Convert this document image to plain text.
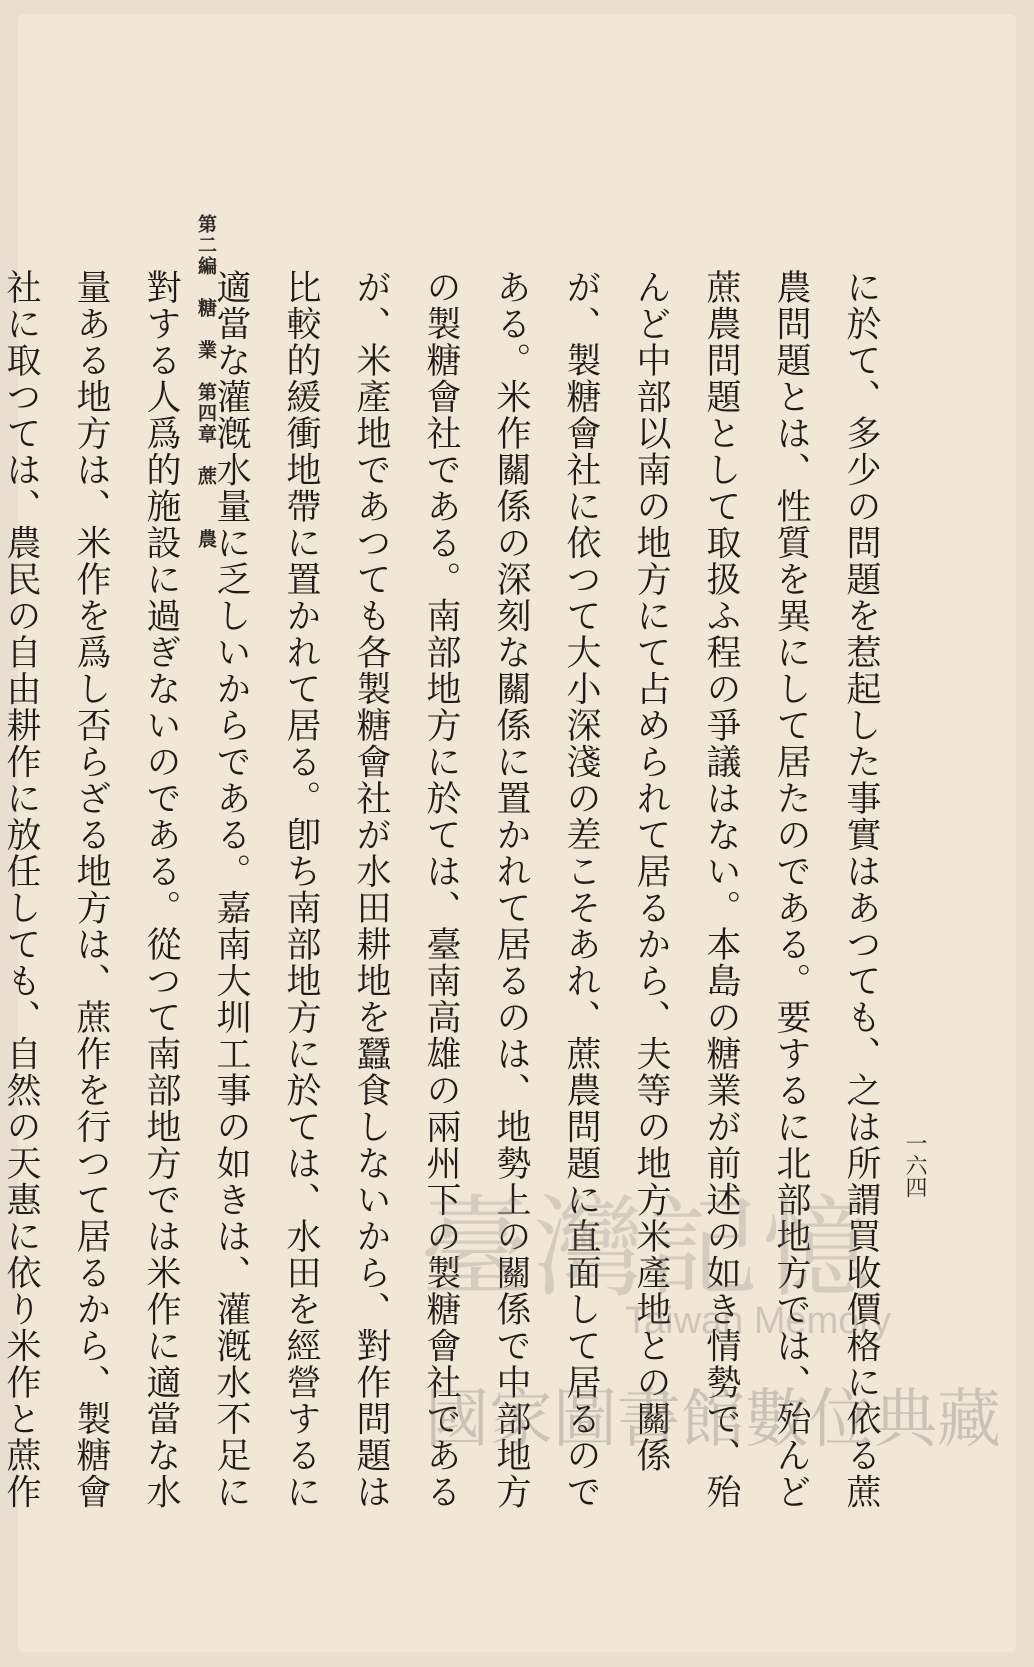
第二編　糖　業　第四章　蔗　　農
一六四

に於て、多少の問題を惹起した事實はあつても、之は所謂買收價格に依る蔗農問題とは、性質を異にして居たのである。要するに北部地方では、殆んど蔗農問題として取扱ふ程の爭議はない。本島の糖業が前述の如き情勢で、殆んど中部以南の地方にて占められて居るから、夫等の地方米產地との關係が、製糖會社に依つて大小深淺の差こそあれ、蔗農問題に直面して居るのである。米作關係の深刻な關係に置かれて居るのは、地勢上の關係で中部地方の製糖會社である。南部地方に於ては、臺南高雄の兩州下の製糖會社であるが、米產地であつても各製糖會社が水田耕地を蠶食しないから、對作問題は比較的緩衝地帶に置かれて居る。卽ち南部地方に於ては、水田を經營するに適當な灌漑水量に乏しいからである。嘉南大圳工事の如きは、灌漑水不足に對する人爲的施設に過ぎないのである。從つて南部地方では米作に適當な水量ある地方は、米作を爲し否らざる地方は、蔗作を行つて居るから、製糖會社に取つては、農民の自由耕作に放任しても、自然の天惠に依り米作と蔗作

臺灣記憶
Taiwan Memory
國家圖書館數位典藏
